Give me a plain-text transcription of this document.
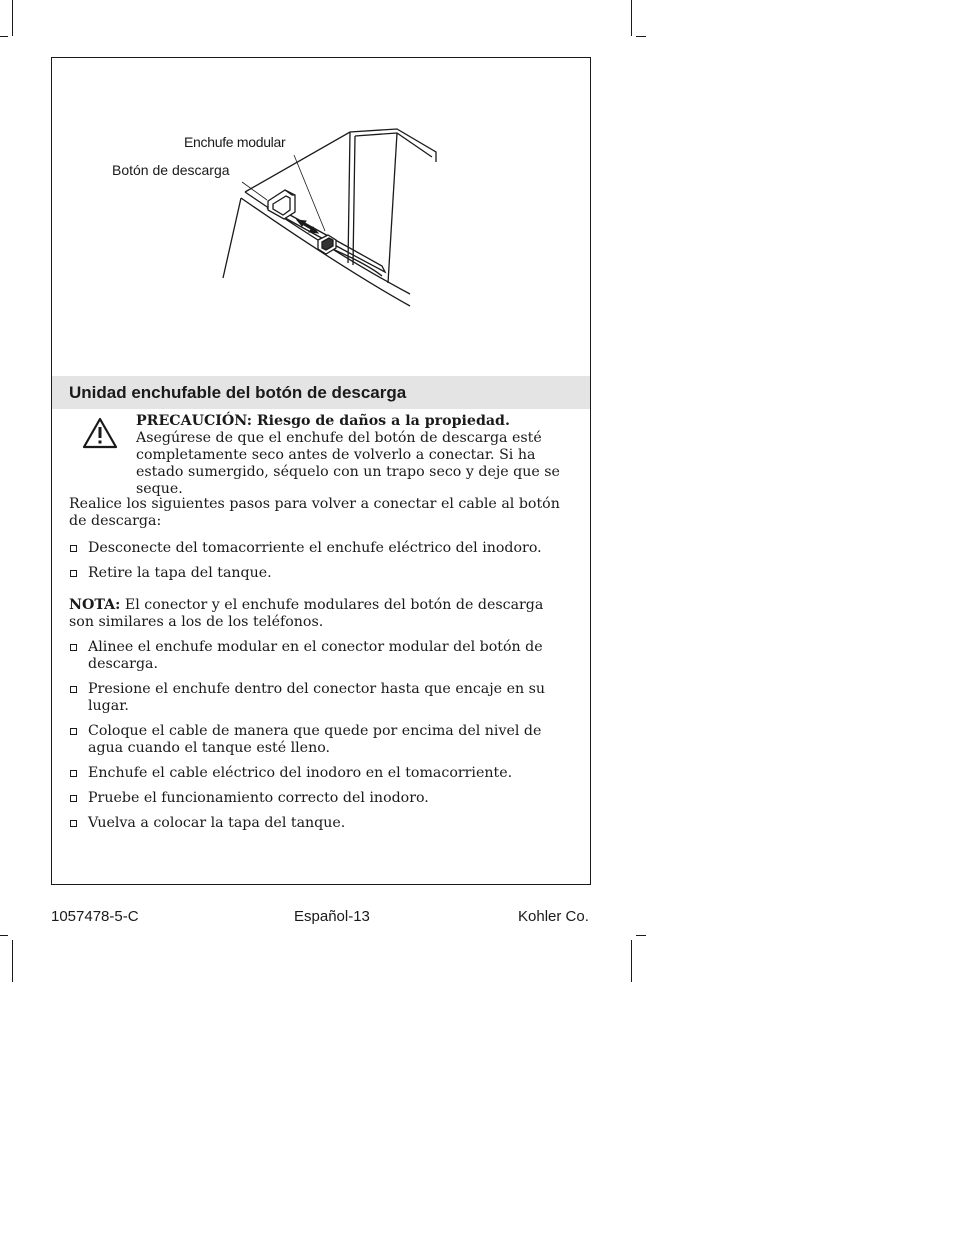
Enchufe modular
Botón de descarga
Unidad enchufable del botón de descarga
PRECAUCIÓN: Riesgo de daños a la propiedad. Asegúrese de que el enchufe del botón de descarga esté completamente seco antes de volverlo a conectar. Si ha estado sumergido, séquelo con un trapo seco y deje que se seque.
Realice los siguientes pasos para volver a conectar el cable al botón de descarga:
Desconecte del tomacorriente el enchufe eléctrico del inodoro.
Retire la tapa del tanque.
NOTA: El conector y el enchufe modulares del botón de descarga son similares a los de los teléfonos.
Alinee el enchufe modular en el conector modular del botón de descarga.
Presione el enchufe dentro del conector hasta que encaje en su lugar.
Coloque el cable de manera que quede por encima del nivel de agua cuando el tanque esté lleno.
Enchufe el cable eléctrico del inodoro en el tomacorriente.
Pruebe el funcionamiento correcto del inodoro.
Vuelva a colocar la tapa del tanque.
1057478-5-C	Español-13	Kohler Co.
